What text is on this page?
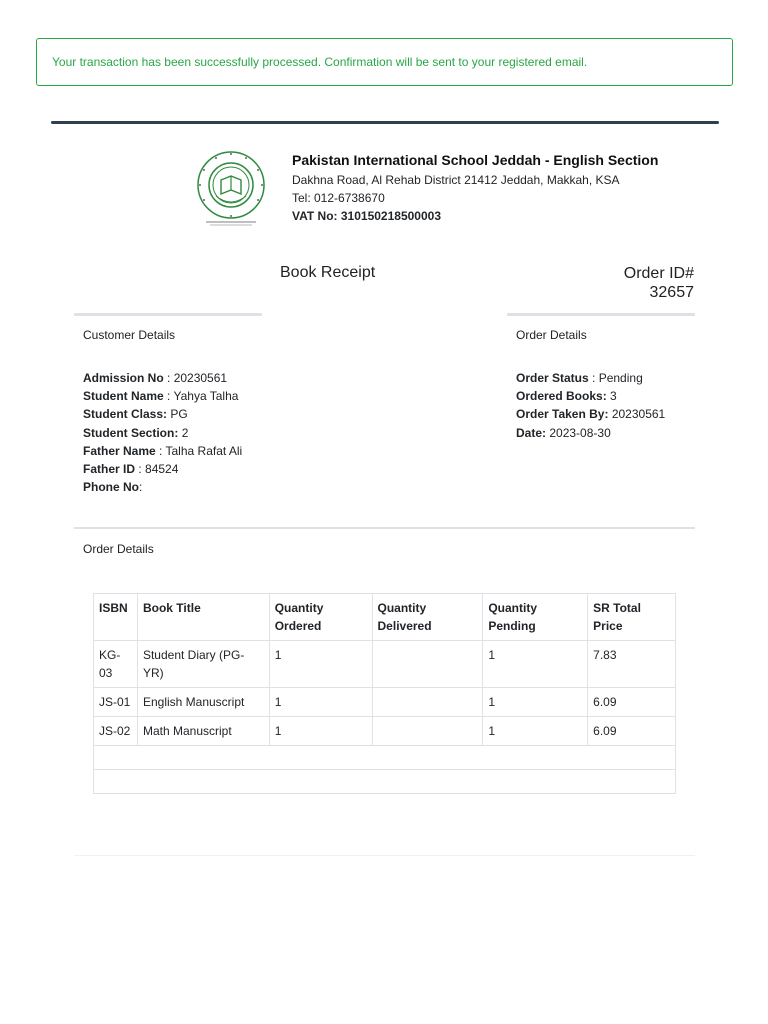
Your transaction has been successfully processed. Confirmation will be sent to your registered email.
Pakistan International School Jeddah - English Section
Dakhna Road, Al Rehab District 21412 Jeddah, Makkah, KSA
Tel: 012-6738670
VAT No: 310150218500003
Book Receipt	Order ID#
32657
Customer Details	Order Details
Admission No : 20230561
Student Name : Yahya Talha
Student Class: PG
Student Section: 2
Father Name : Talha Rafat Ali
Father ID : 84524
Phone No:
Order Status : Pending
Ordered Books: 3
Order Taken By: 20230561
Date: 2023-08-30
Order Details
ISBN	Book Title	Quantity Ordered	Quantity Delivered	Quantity Pending	SR Total Price
KG-03	Student Diary (PG-YR)	1		1	7.83
JS-01	English Manuscript	1		1	6.09
JS-02	Math Manuscript	1		1	6.09
